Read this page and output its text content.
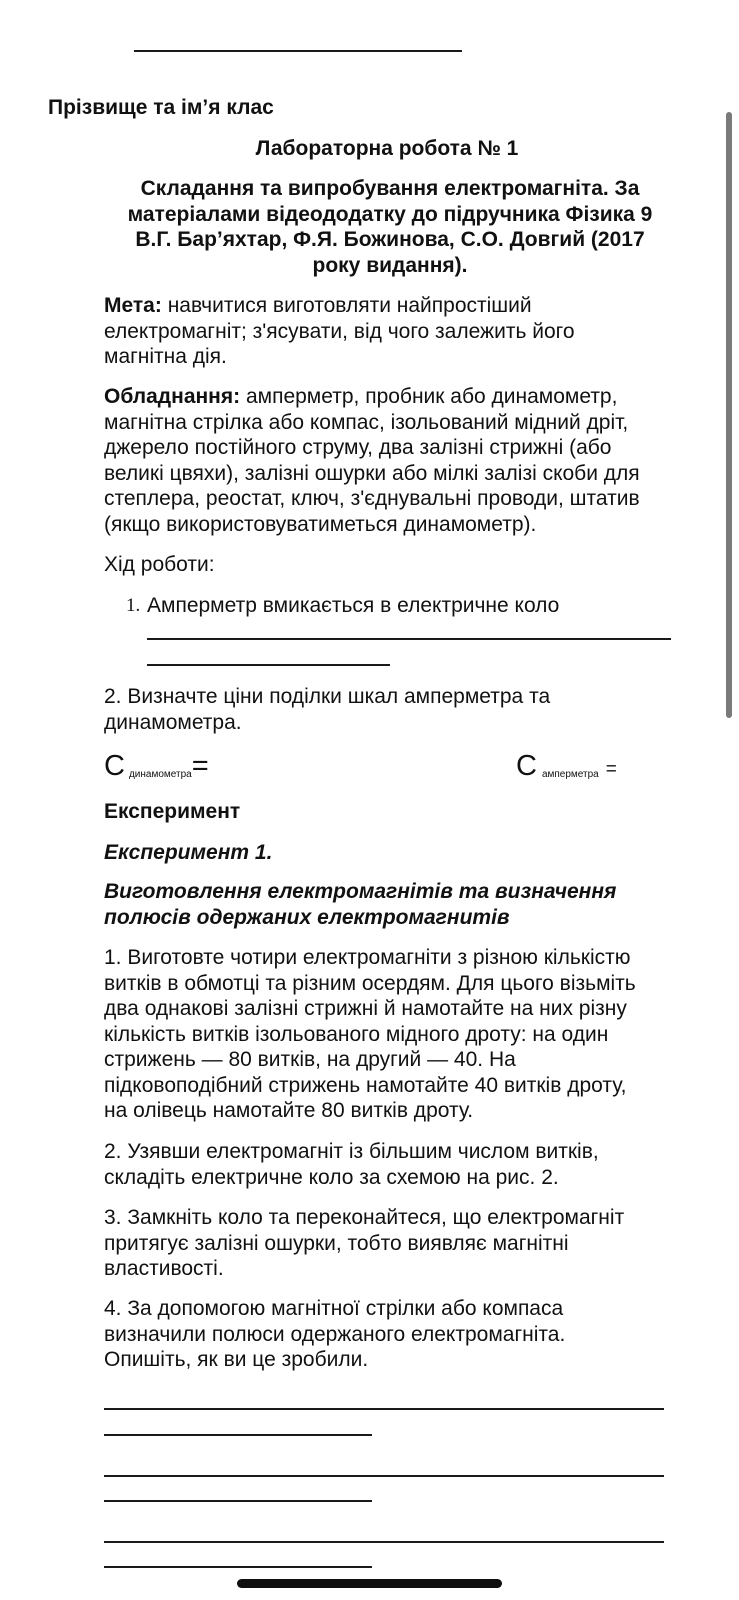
Прізвище та ім’я клас
Лабораторна робота № 1
Складання та випробування електромагніта. За
матеріалами відеододатку до підручника Фізика 9
В.Г. Бар’яхтар, Ф.Я. Божинова, С.О. Довгий (2017
року видання).
Мета: навчитися виготовляти найпростіший
електромагніт; з'ясувати, від чого залежить його
магнітна дія.
Обладнання: амперметр, пробник або динамометр,
магнітна стрілка або компас, ізольований мідний дріт,
джерело постійного струму, два залізні стрижні (або
великі цвяхи), залізні ошурки або мілкі залізі скоби для
степлера, реостат, ключ, з'єднувальні проводи, штатив
(якщо використовуватиметься динамометр).
Хід роботи:
1. Амперметр вмикається в електричне коло
2. Визначте ціни поділки шкал амперметра та
динамометра.
Сдинамометра=	Самперметра =
Експеримент
Експеримент 1.
Виготовлення електромагнітів та визначення
полюсів одержаних електромагнитів
1. Виготовте чотири електромагніти з різною кількістю
витків в обмотці та різним осердям. Для цього візьміть
два однакові залізні стрижні й намотайте на них різну
кількість витків ізольованого мідного дроту: на один
стрижень — 80 витків, на другий — 40. На
підковоподібний стрижень намотайте 40 витків дроту,
на олівець намотайте 80 витків дроту.
2. Узявши електромагніт із більшим числом витків,
складіть електричне коло за схемою на рис. 2.
3. Замкніть коло та переконайтеся, що електромагніт
притягує залізні ошурки, тобто виявляє магнітні
властивості.
4. За допомогою магнітної стрілки або компаса
визначили полюси одержаного електромагніта.
Опишіть, як ви це зробили.
